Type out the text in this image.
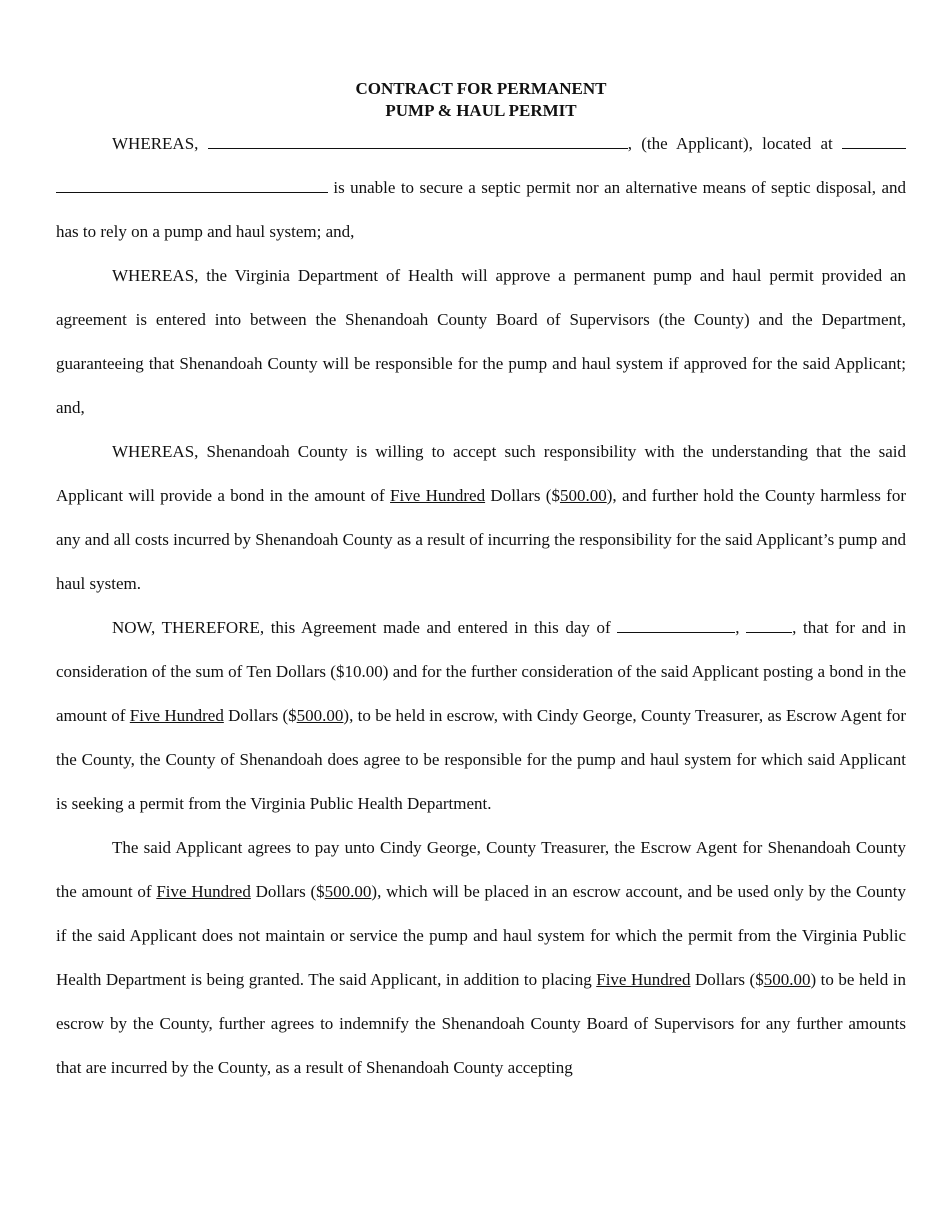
CONTRACT FOR PERMANENT
PUMP & HAUL PERMIT

WHEREAS,	, (the Applicant), located at   is unable to secure a septic permit nor an alternative means of septic disposal, and has to rely on a pump and haul system; and,

WHEREAS, the Virginia Department of Health will approve a permanent pump and haul permit provided an agreement is entered into between the Shenandoah County Board of Supervisors (the County) and the Department, guaranteeing that Shenandoah County will be responsible for the pump and haul system if approved for the said Applicant; and,

WHEREAS, Shenandoah County is willing to accept such responsibility with the understanding that the said Applicant will provide a bond in the amount of Five Hundred Dollars ($500.00), and further hold the County harmless for any and all costs incurred by Shenandoah County as a result of incurring the responsibility for the said Applicant’s pump and haul system.

NOW, THEREFORE, this Agreement made and entered in this day of	,	, that for and in consideration of the sum of Ten Dollars ($10.00) and for the further consideration of the said Applicant posting a bond in the amount of Five Hundred Dollars ($500.00), to be held in escrow, with Cindy George, County Treasurer, as Escrow Agent for the County, the County of Shenandoah does agree to be responsible for the pump and haul system for which said Applicant is seeking a permit from the Virginia Public Health Department.

The said Applicant agrees to pay unto Cindy George, County Treasurer, the Escrow Agent for Shenandoah County the amount of Five Hundred Dollars ($500.00), which will be placed in an escrow account, and be used only by the County if the said Applicant does not maintain or service the pump and haul system for which the permit from the Virginia Public Health Department is being granted. The said Applicant, in addition to placing Five Hundred Dollars ($500.00) to be held in escrow by the County, further agrees to indemnify the Shenandoah County Board of Supervisors for any further amounts that are incurred by the County, as a result of Shenandoah County accepting
